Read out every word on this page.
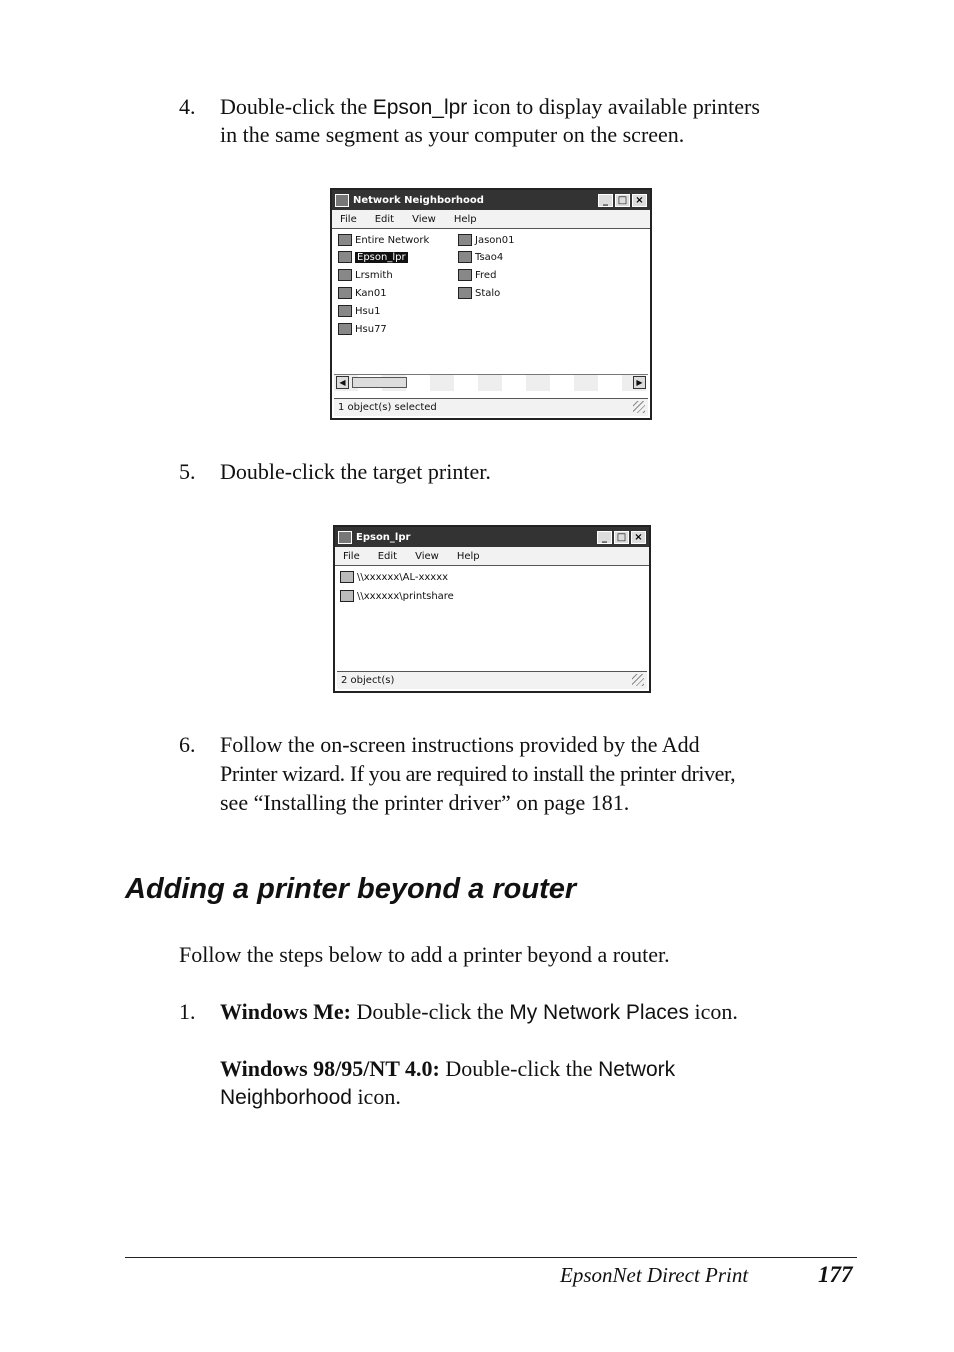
4.	Double-click the Epson_lpr icon to display available printers
in the same segment as your computer on the screen.
Network Neighborhood	_ □ ×
File Edit View Help
Entire Network
Epson_lpr
Lrsmith
Kan01
Hsu1
Hsu77
Jason01
Tsao4
Fred
Stalo
◀	▶
1 object(s) selected
5.	Double-click the target printer.
Epson_lpr	_ □ ×
File Edit View Help
\\xxxxxx\AL-xxxxx
\\xxxxxx\printshare
2 object(s)
6.	Follow the on-screen instructions provided by the Add
Printer wizard. If you are required to install the printer driver,
see “Installing the printer driver” on page 181.
Adding a printer beyond a router
Follow the steps below to add a printer beyond a router.
1.	Windows Me: Double-click the My Network Places icon.
Windows 98/95/NT 4.0: Double-click the Network
Neighborhood icon.
EpsonNet Direct Print	177
